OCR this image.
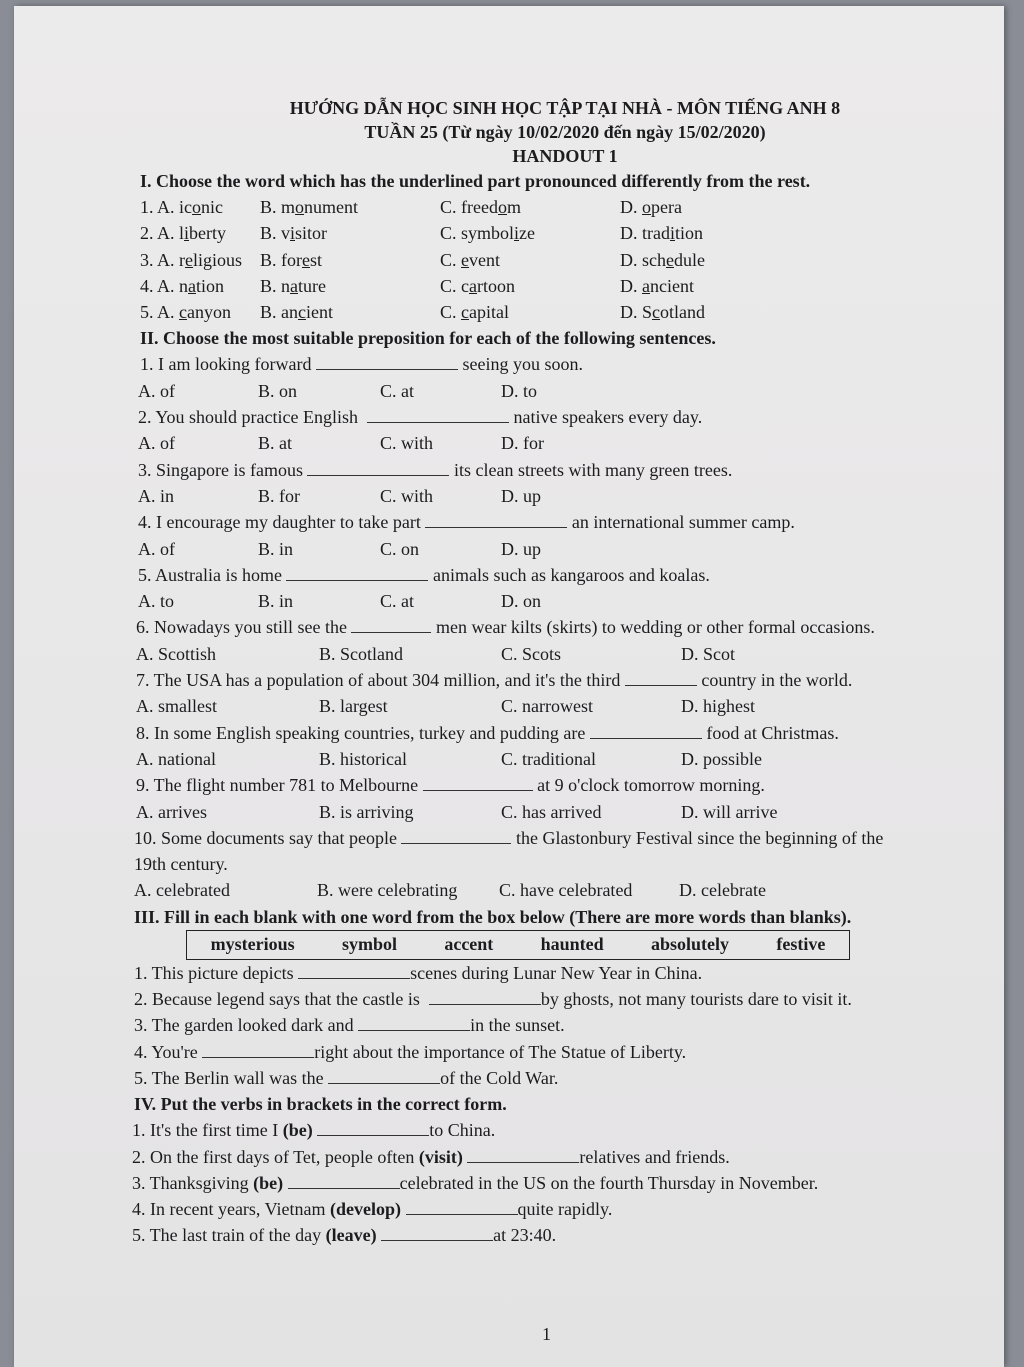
HƯỚNG DẪN HỌC SINH HỌC TẬP TẠI NHÀ - MÔN TIẾNG ANH 8
TUẦN 25 (Từ ngày 10/02/2020 đến ngày 15/02/2020)
HANDOUT 1
I. Choose the word which has the underlined part pronounced differently from the rest.
1. A. iconic	B. monument	C. freedom	D. opera
2. A. liberty	B. visitor	C. symbolize	D. tradition
3. A. religious B. forest	C. event	D. schedule
4. A. nation	B. nature	C. cartoon	D. ancient
5. A. canyon	B. ancient	C. capital	D. Scotland
II. Choose the most suitable preposition for each of the following sentences.
1. I am looking forward	seeing you soon.
A. of	B. on	C. at	D. to
2. You should practice English	native speakers every day.
A. of	B. at	C. with	D. for
3. Singapore is famous	its clean streets with many green trees.
A. in	B. for	C. with	D. up
4. I encourage my daughter to take part	an international summer camp.
A. of	B. in	C. on	D. up
5. Australia is home	animals such as kangaroos and koalas.
A. to	B. in	C. at	D. on
6. Nowadays you still see the	men wear kilts (skirts) to wedding or other formal occasions.
A. Scottish	B. Scotland	C. Scots	D. Scot
7. The USA has a population of about 304 million, and it's the third	country in the world.
A. smallest	B. largest	C. narrowest	D. highest
8. In some English speaking countries, turkey and pudding are	food at Christmas.
A. national	B. historical	C. traditional	D. possible
9. The flight number 781 to Melbourne	at 9 o'clock tomorrow morning.
A. arrives	B. is arriving	C. has arrived	D. will arrive
10. Some documents say that people	the Glastonbury Festival since the beginning of the
19th century.
A. celebrated	B. were celebrating	C. have celebrated	D. celebrate
III. Fill in each blank with one word from the box below (There are more words than blanks).
mysterious	symbol	accent	haunted	absolutely	festive
1. This picture depicts	scenes during Lunar New Year in China.
2. Because legend says that the castle is	by ghosts, not many tourists dare to visit it.
3. The garden looked dark and	in the sunset.
4. You're	right about the importance of The Statue of Liberty.
5. The Berlin wall was the	of the Cold War.
IV. Put the verbs in brackets in the correct form.
1. It's the first time I (be)	to China.
2. On the first days of Tet, people often (visit)	relatives and friends.
3. Thanksgiving (be)	celebrated in the US on the fourth Thursday in November.
4. In recent years, Vietnam (develop)	quite rapidly.
5. The last train of the day (leave)	at 23:40.
1
